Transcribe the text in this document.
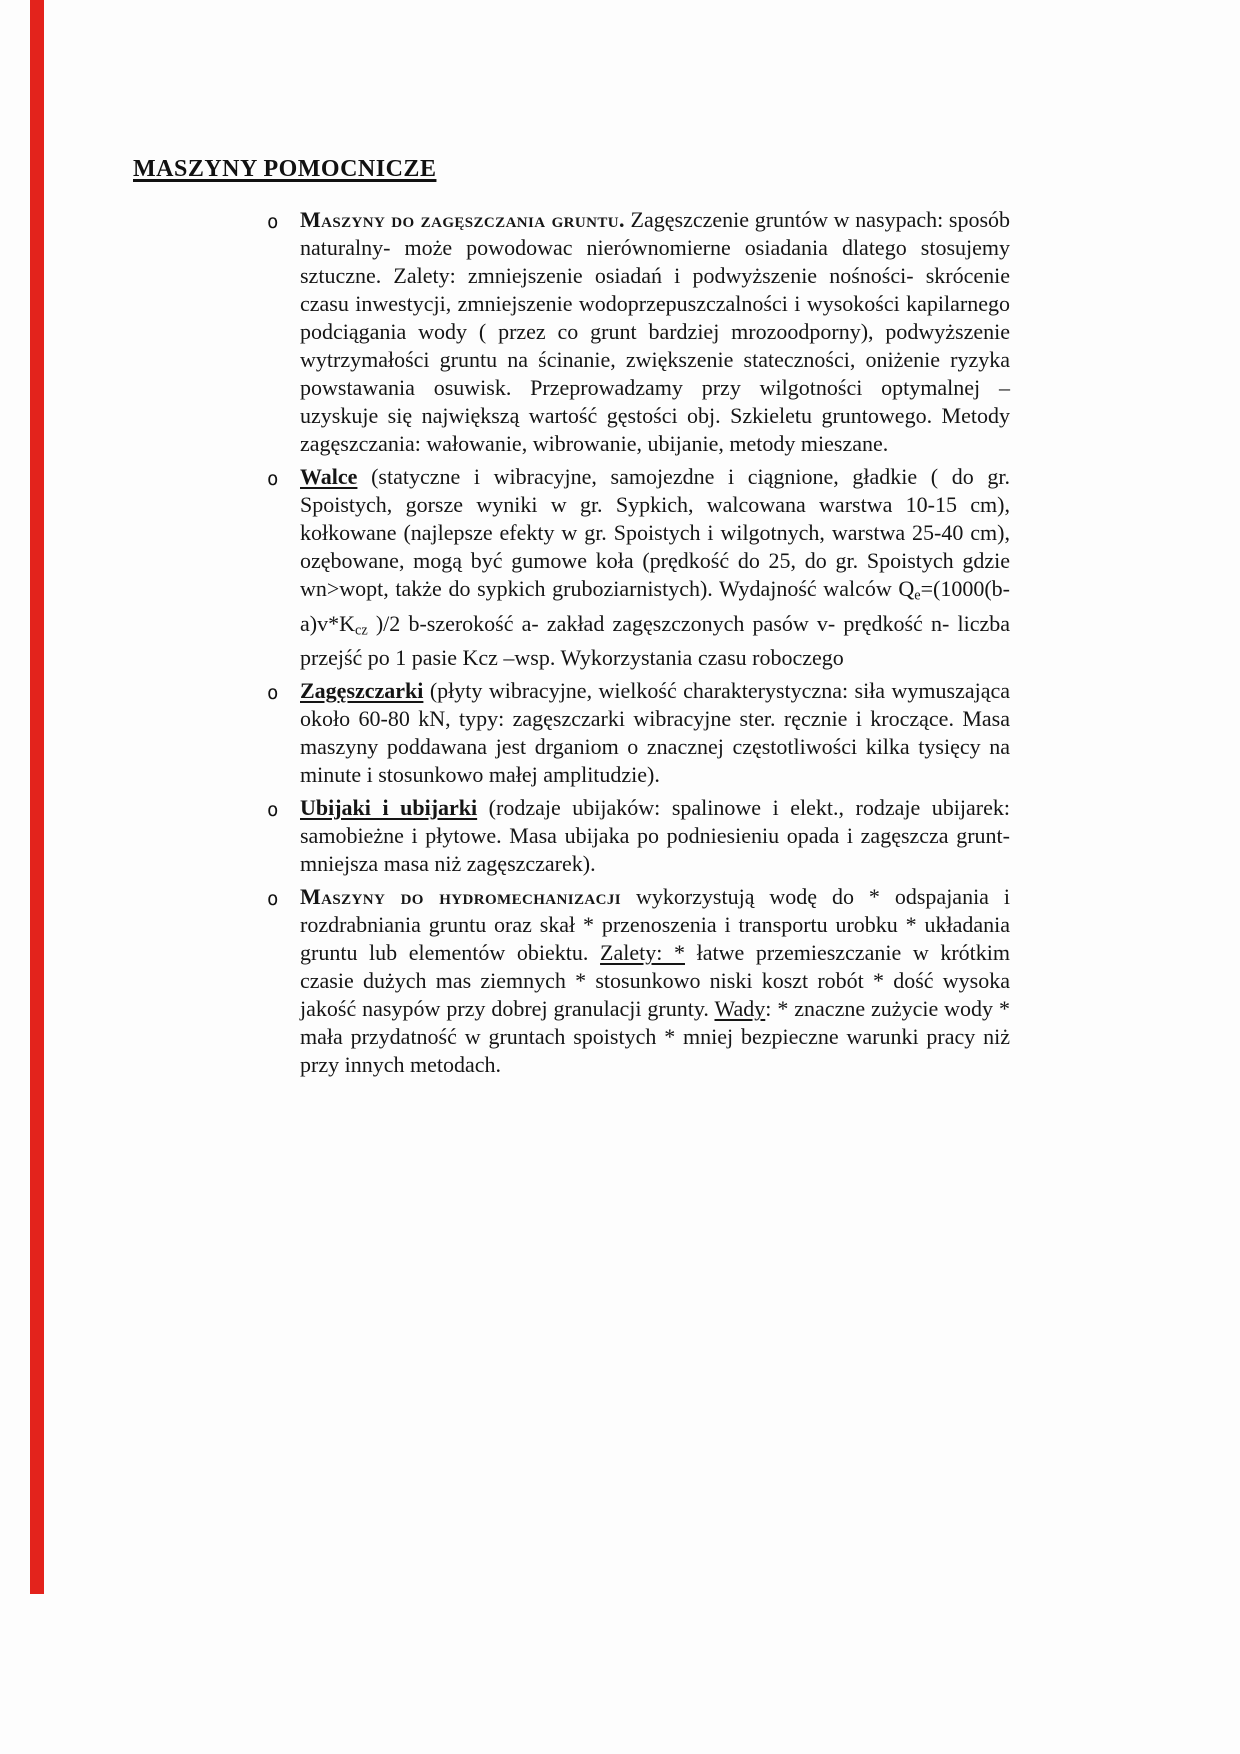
MASZYNY POMOCNICZE
o Maszyny do zagęszczania gruntu. Zagęszczenie gruntów w nasypach: sposób naturalny- może powodowac nierównomierne osiadania dlatego stosujemy sztuczne. Zalety: zmniejszenie osiadań i podwyższenie nośności- skrócenie czasu inwestycji, zmniejszenie wodoprzepuszczalności i wysokości kapilarnego podciągania wody ( przez co grunt bardziej mrozoodporny), podwyższenie wytrzymałości gruntu na ścinanie, zwiększenie stateczności, oniżenie ryzyka powstawania osuwisk. Przeprowadzamy przy wilgotności optymalnej – uzyskuje się największą wartość gęstości obj. Szkieletu gruntowego. Metody zagęszczania: wałowanie, wibrowanie, ubijanie, metody mieszane.
o Walce (statyczne i wibracyjne, samojezdne i ciągnione, gładkie ( do gr. Spoistych, gorsze wyniki w gr. Sypkich, walcowana warstwa 10-15 cm), kołkowane (najlepsze efekty w gr. Spoistych i wilgotnych, warstwa 25-40 cm), ozębowane, mogą być gumowe koła (prędkość do 25, do gr. Spoistych gdzie wn>wopt, także do sypkich gruboziarnistych). Wydajność walców $Q_e=(1000(b-a)v*K_{cz}$ )/2 b-szerokość a- zakład zagęszczonych pasów v- prędkość n- liczba przejść po 1 pasie Kcz –wsp. Wykorzystania czasu roboczego
o Zagęszczarki (płyty wibracyjne, wielkość charakterystyczna: siła wymuszająca około 60-80 kN, typy: zagęszczarki wibracyjne ster. ręcznie i kroczące. Masa maszyny poddawana jest drganiom o znacznej częstotliwości kilka tysięcy na minute i stosunkowo małej amplitudzie).
o Ubijaki i ubijarki (rodzaje ubijaków: spalinowe i elekt., rodzaje ubijarek: samobieżne i płytowe. Masa ubijaka po podniesieniu opada i zagęszcza grunt- mniejsza masa niż zagęszczarek).
o Maszyny do hydromechanizacji wykorzystują wodę do * odspajania i rozdrabniania gruntu oraz skał * przenoszenia i transportu urobku * układania gruntu lub elementów obiektu. Zalety: * łatwe przemieszczanie w krótkim czasie dużych mas ziemnych * stosunkowo niski koszt robót * dość wysoka jakość nasypów przy dobrej granulacji grunty. Wady: * znaczne zużycie wody * mała przydatność w gruntach spoistych * mniej bezpieczne warunki pracy niż przy innych metodach.
